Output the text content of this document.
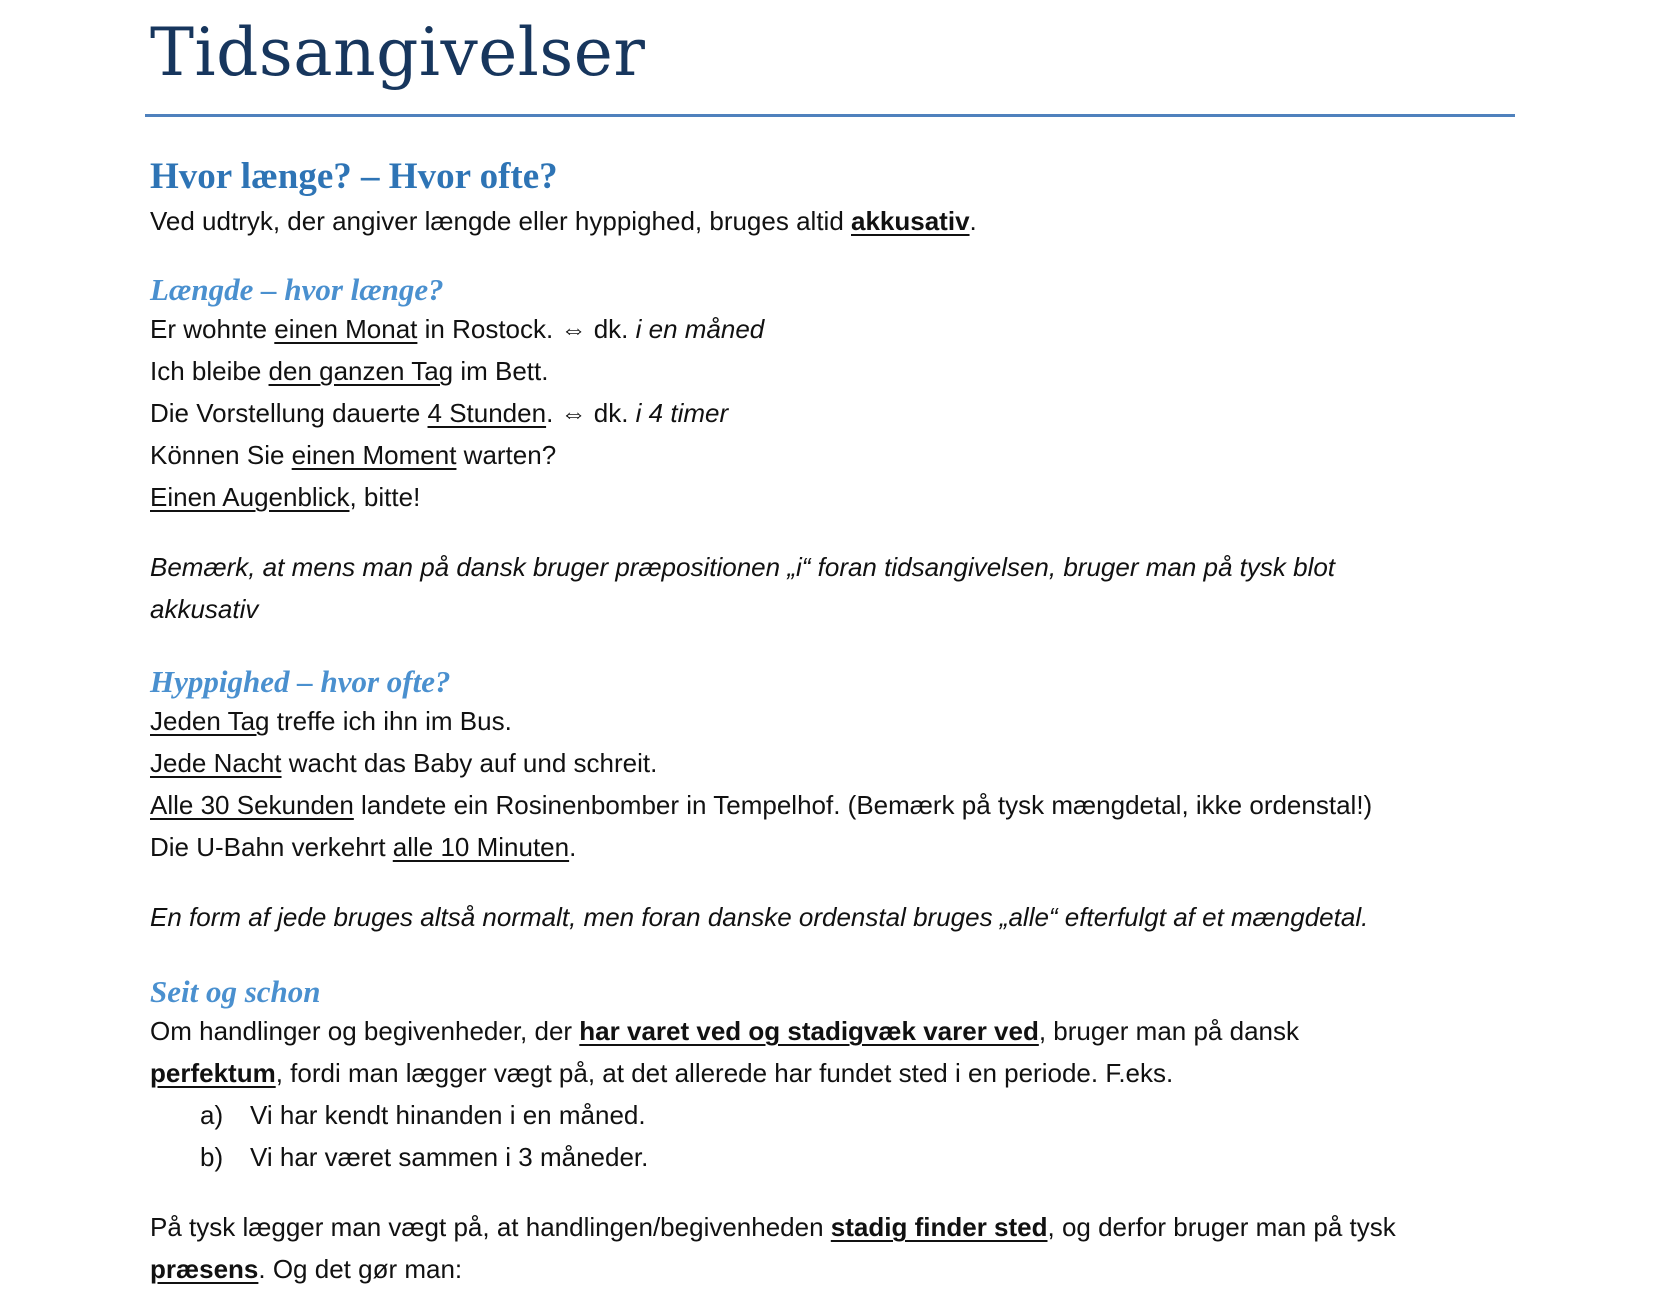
Tidsangivelser
Hvor længe? – Hvor ofte?
Ved udtryk, der angiver længde eller hyppighed, bruges altid akkusativ.
Længde – hvor længe?
Er wohnte einen Monat in Rostock. ⇔ dk. i en måned
Ich bleibe den ganzen Tag im Bett.
Die Vorstellung dauerte 4 Stunden. ⇔ dk. i 4 timer
Können Sie einen Moment warten?
Einen Augenblick, bitte!
Bemærk, at mens man på dansk bruger præpositionen „i“ foran tidsangivelsen, bruger man på tysk blot
akkusativ
Hyppighed – hvor ofte?
Jeden Tag treffe ich ihn im Bus.
Jede Nacht wacht das Baby auf und schreit.
Alle 30 Sekunden landete ein Rosinenbomber in Tempelhof. (Bemærk på tysk mængdetal, ikke ordenstal!)
Die U-Bahn verkehrt alle 10 Minuten.
En form af jede bruges altså normalt, men foran danske ordenstal bruges „alle“ efterfulgt af et mængdetal.
Seit og schon
Om handlinger og begivenheder, der har varet ved og stadigvæk varer ved, bruger man på dansk
perfektum, fordi man lægger vægt på, at det allerede har fundet sted i en periode. F.eks.
a) Vi har kendt hinanden i en måned.
b) Vi har været sammen i 3 måneder.
På tysk lægger man vægt på, at handlingen/begivenheden stadig finder sted, og derfor bruger man på tysk
præsens. Og det gør man:
